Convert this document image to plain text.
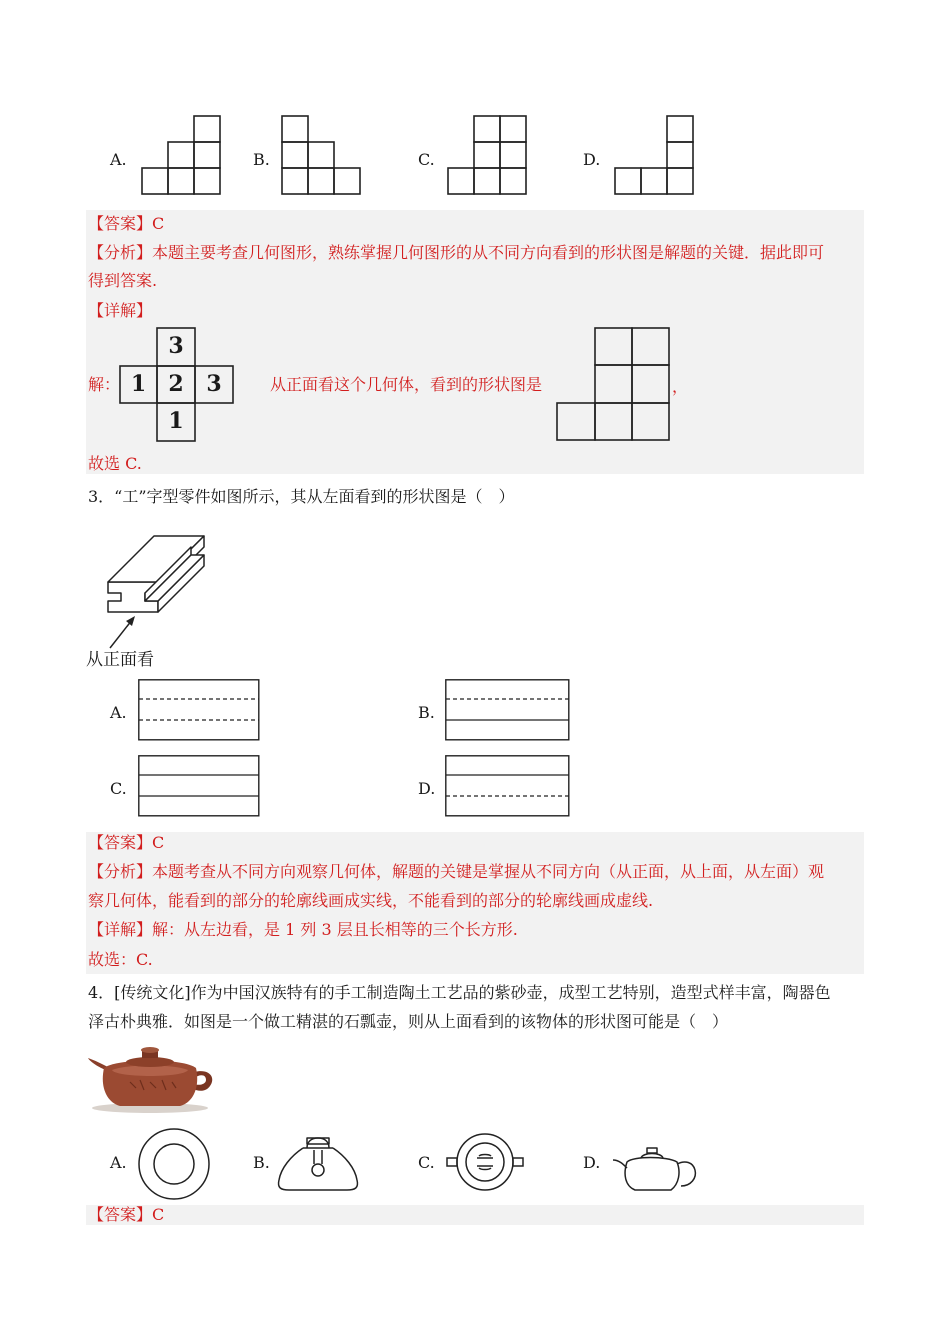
A.	B.	C.	D.
【答案】C
【分析】本题主要考查几何图形，熟练掌握几何图形的从不同方向看到的形状图是解题的关键．据此即可
得到答案.
【详解】
解：
3
1	2	3
1
从正面看这个几何体，看到的形状图是	，
故选 C.
3．“工”字型零件如图所示，其从左面看到的形状图是（　）
从正面看
A.	B.
C.	D.
【答案】C
【分析】本题考查从不同方向观察几何体，解题的关键是掌握从不同方向（从正面，从上面，从左面）观
察几何体，能看到的部分的轮廓线画成实线，不能看到的部分的轮廓线画成虚线.
【详解】解：从左边看，是 1 列 3 层且长相等的三个长方形.
故选：C.
4．[传统文化]作为中国汉族特有的手工制造陶土工艺品的紫砂壶，成型工艺特别，造型式样丰富，陶器色
泽古朴典雅．如图是一个做工精湛的石瓢壶，则从上面看到的该物体的形状图可能是（　）
A.	B.	C.	D.
【答案】C
